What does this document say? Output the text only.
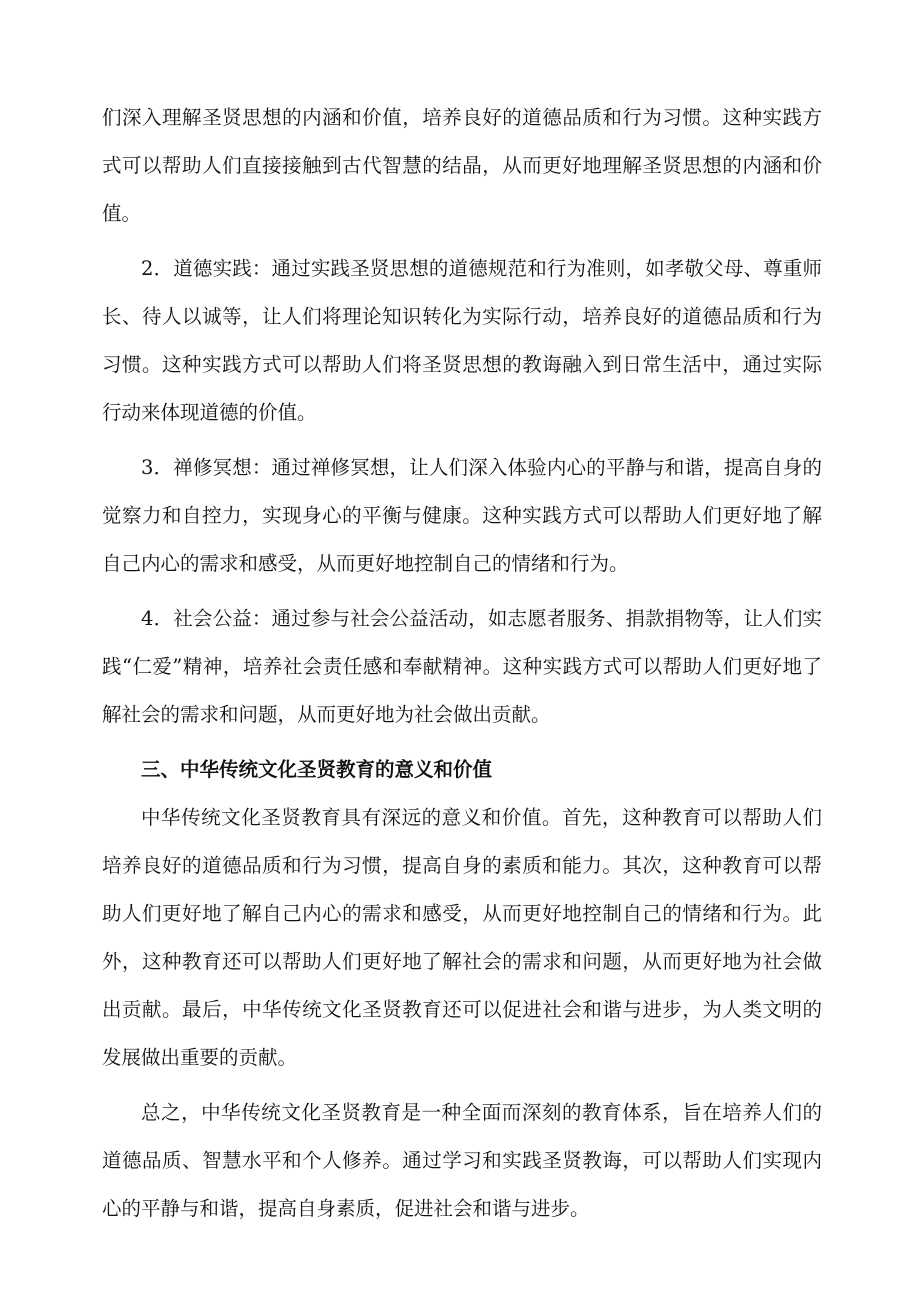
们深入理解圣贤思想的内涵和价值，培养良好的道德品质和行为习惯。这种实践方式可以帮助人们直接接触到古代智慧的结晶，从而更好地理解圣贤思想的内涵和价值。

2．道德实践：通过实践圣贤思想的道德规范和行为准则，如孝敬父母、尊重师长、待人以诚等，让人们将理论知识转化为实际行动，培养良好的道德品质和行为习惯。这种实践方式可以帮助人们将圣贤思想的教诲融入到日常生活中，通过实际行动来体现道德的价值。

3．禅修冥想：通过禅修冥想，让人们深入体验内心的平静与和谐，提高自身的觉察力和自控力，实现身心的平衡与健康。这种实践方式可以帮助人们更好地了解自己内心的需求和感受，从而更好地控制自己的情绪和行为。

4．社会公益：通过参与社会公益活动，如志愿者服务、捐款捐物等，让人们实践“仁爱”精神，培养社会责任感和奉献精神。这种实践方式可以帮助人们更好地了解社会的需求和问题，从而更好地为社会做出贡献。

三、中华传统文化圣贤教育的意义和价值

中华传统文化圣贤教育具有深远的意义和价值。首先，这种教育可以帮助人们培养良好的道德品质和行为习惯，提高自身的素质和能力。其次，这种教育可以帮助人们更好地了解自己内心的需求和感受，从而更好地控制自己的情绪和行为。此外，这种教育还可以帮助人们更好地了解社会的需求和问题，从而更好地为社会做出贡献。最后，中华传统文化圣贤教育还可以促进社会和谐与进步，为人类文明的发展做出重要的贡献。

总之，中华传统文化圣贤教育是一种全面而深刻的教育体系，旨在培养人们的道德品质、智慧水平和个人修养。通过学习和实践圣贤教诲，可以帮助人们实现内心的平静与和谐，提高自身素质，促进社会和谐与进步。
